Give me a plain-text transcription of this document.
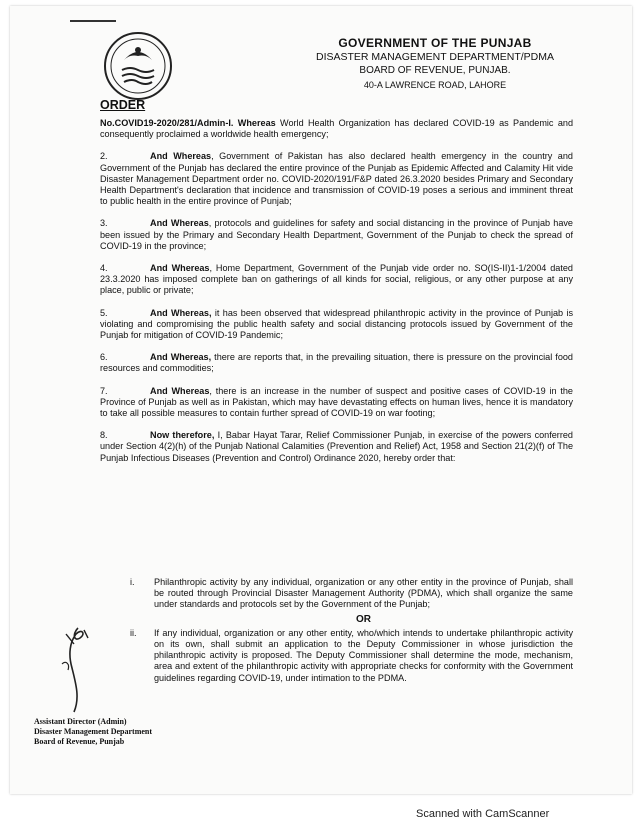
GOVERNMENT OF THE PUNJAB
DISASTER MANAGEMENT DEPARTMENT/PDMA
BOARD OF REVENUE, PUNJAB.
40-A LAWRENCE ROAD, LAHORE
ORDER

No.COVID19-2020/281/Admin-I. Whereas World Health Organization has declared COVID-19 as Pandemic and consequently proclaimed a worldwide health emergency;

2.	And Whereas, Government of Pakistan has also declared health emergency in the country and Government of the Punjab has declared the entire province of the Punjab as Epidemic Affected and Calamity Hit vide Disaster Management Department order no. COVID-2020/191/F&P dated 26.3.2020 besides Primary and Secondary Health Department's declaration that incidence and transmission of COVID-19 poses a serious and imminent threat to public health in the entire province of Punjab;

3.	And Whereas, protocols and guidelines for safety and social distancing in the province of Punjab have been issued by the Primary and Secondary Health Department, Government of the Punjab to check the spread of COVID-19 in the province;

4.	And Whereas, Home Department, Government of the Punjab vide order no. SO(IS-II)1-1/2004 dated 23.3.2020 has imposed complete ban on gatherings of all kinds for social, religious, or any other purpose at any place, public or private;

5.	And Whereas, it has been observed that widespread philanthropic activity in the province of Punjab is violating and compromising the public health safety and social distancing protocols issued by Government of the Punjab for mitigation of COVID-19 Pandemic;

6.	And Whereas, there are reports that, in the prevailing situation, there is pressure on the provincial food resources and commodities;

7.	And Whereas, there is an increase in the number of suspect and positive cases of COVID-19 in the Province of Punjab as well as in Pakistan, which may have devastating effects on human lives, hence it is mandatory to take all possible measures to contain further spread of COVID-19 on war footing;

8.	Now therefore, I, Babar Hayat Tarar, Relief Commissioner Punjab, in exercise of the powers conferred under Section 4(2)(h) of the Punjab National Calamities (Prevention and Relief) Act, 1958 and Section 21(2)(f) of The Punjab Infectious Diseases (Prevention and Control) Ordinance 2020, hereby order that:

i. Philanthropic activity by any individual, organization or any other entity in the province of Punjab, shall be routed through Provincial Disaster Management Authority (PDMA), which shall organize the same under standards and protocols set by the Government of the Punjab;
OR
ii. If any individual, organization or any other entity, who/which intends to undertake philanthropic activity on its own, shall submit an application to the Deputy Commissioner in whose jurisdiction the philanthropic activity is proposed. The Deputy Commissioner shall determine the mode, mechanism, area and extent of the philanthropic activity with appropriate checks for conformity with the Government guidelines regarding COVID-19, under intimation to the PDMA.
Assistant Director (Admin)
Disaster Management Department
Board of Revenue, Punjab
Scanned with CamScanner
